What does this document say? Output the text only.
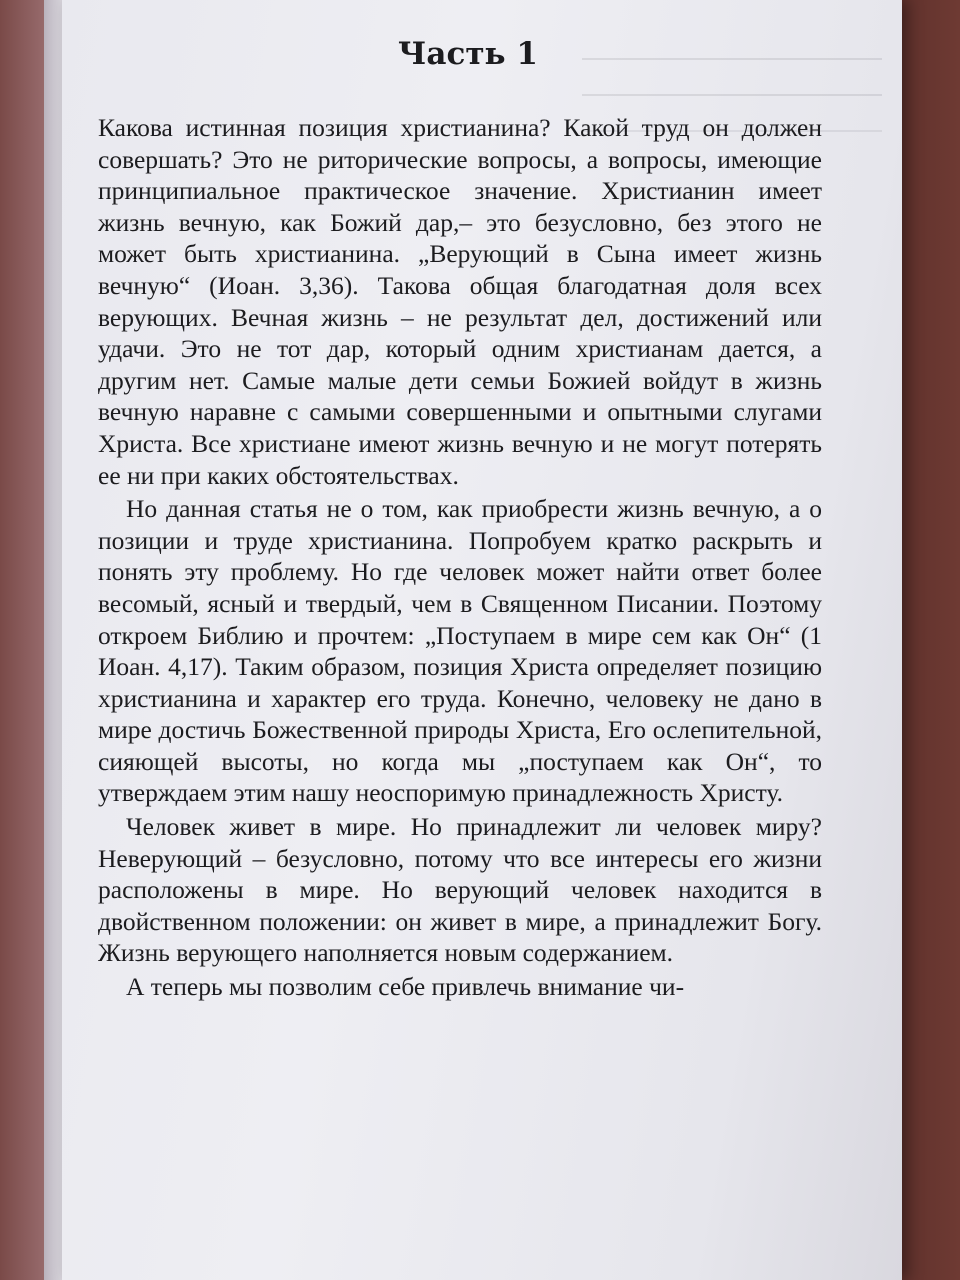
Часть 1

Какова истинная позиция христианина? Какой труд он должен совершать? Это не риторические вопросы, а вопросы, имеющие принципиальное практическое значение. Христианин имеет жизнь вечную, как Божий дар,– это безусловно, без этого не может быть христианина. „Верующий в Сына имеет жизнь вечную“ (Иоан. 3,36). Такова общая благодатная доля всех верующих. Вечная жизнь – не результат дел, достижений или удачи. Это не тот дар, который одним христианам дается, а другим нет. Самые малые дети семьи Божией войдут в жизнь вечную наравне с самыми совершенными и опытными слугами Христа. Все христиане имеют жизнь вечную и не могут потерять ее ни при каких обстоятельствах.

Но данная статья не о том, как приобрести жизнь вечную, а о позиции и труде христианина. Попробуем кратко раскрыть и понять эту проблему. Но где человек может найти ответ более весомый, ясный и твердый, чем в Священном Писании. Поэтому откроем Библию и прочтем: „Поступаем в мире сем как Он“ (1 Иоан. 4,17). Таким образом, позиция Христа определяет позицию христианина и характер его труда. Конечно, человеку не дано в мире достичь Божественной природы Христа, Его ослепительной, сияющей высоты, но когда мы „поступаем как Он“, то утверждаем этим нашу неоспоримую принадлежность Христу.

Человек живет в мире. Но принадлежит ли человек миру? Неверующий – безусловно, потому что все интересы его жизни расположены в мире. Но верующий человек находится в двойственном положении: он живет в мире, а принадлежит Богу. Жизнь верующего наполняется новым содержанием.

А теперь мы позволим себе привлечь внимание чи-
